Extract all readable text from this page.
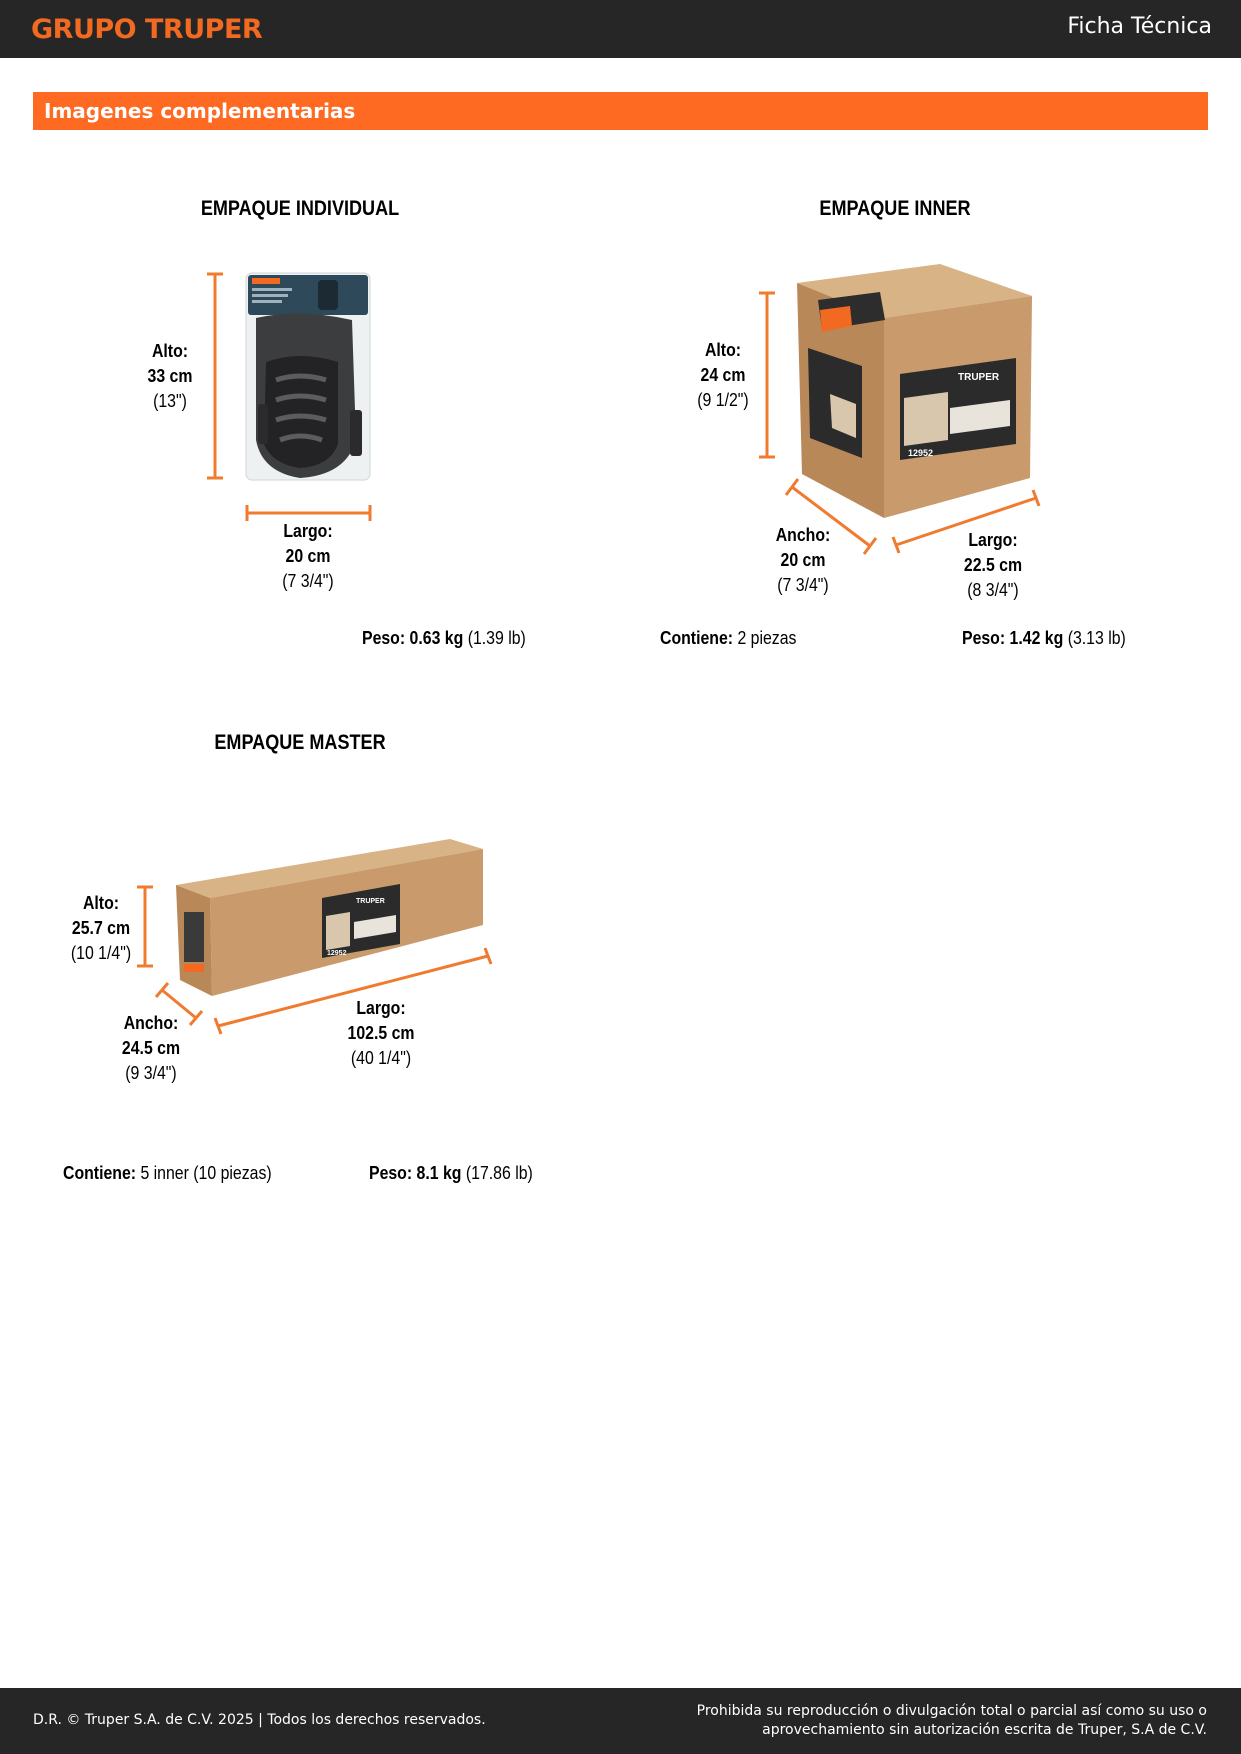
GRUPO TRUPER	Ficha Técnica
Imagenes complementarias
EMPAQUE INDIVIDUAL	EMPAQUE INNER
EMPAQUE MASTER
Alto:
33 cm
(13")
Largo:
20 cm
(7 3/4")
Peso: 0.63 kg (1.39 lb)
TRUPER
12952
Alto:
24 cm
(9 1/2")
Ancho:
20 cm
(7 3/4")
Largo:
22.5 cm
(8 3/4")
Contiene: 2 piezas	Peso: 1.42 kg (3.13 lb)
TRUPER
12952
Alto:
25.7 cm
(10 1/4")
Ancho:
24.5 cm
(9 3/4")
Largo:
102.5 cm
(40 1/4")
Contiene: 5 inner (10 piezas)	Peso: 8.1 kg (17.86 lb)
D.R. © Truper S.A. de C.V. 2025 | Todos los derechos reservados.
Prohibida su reproducción o divulgación total o parcial así como su uso o
aprovechamiento sin autorización escrita de Truper, S.A de C.V.
